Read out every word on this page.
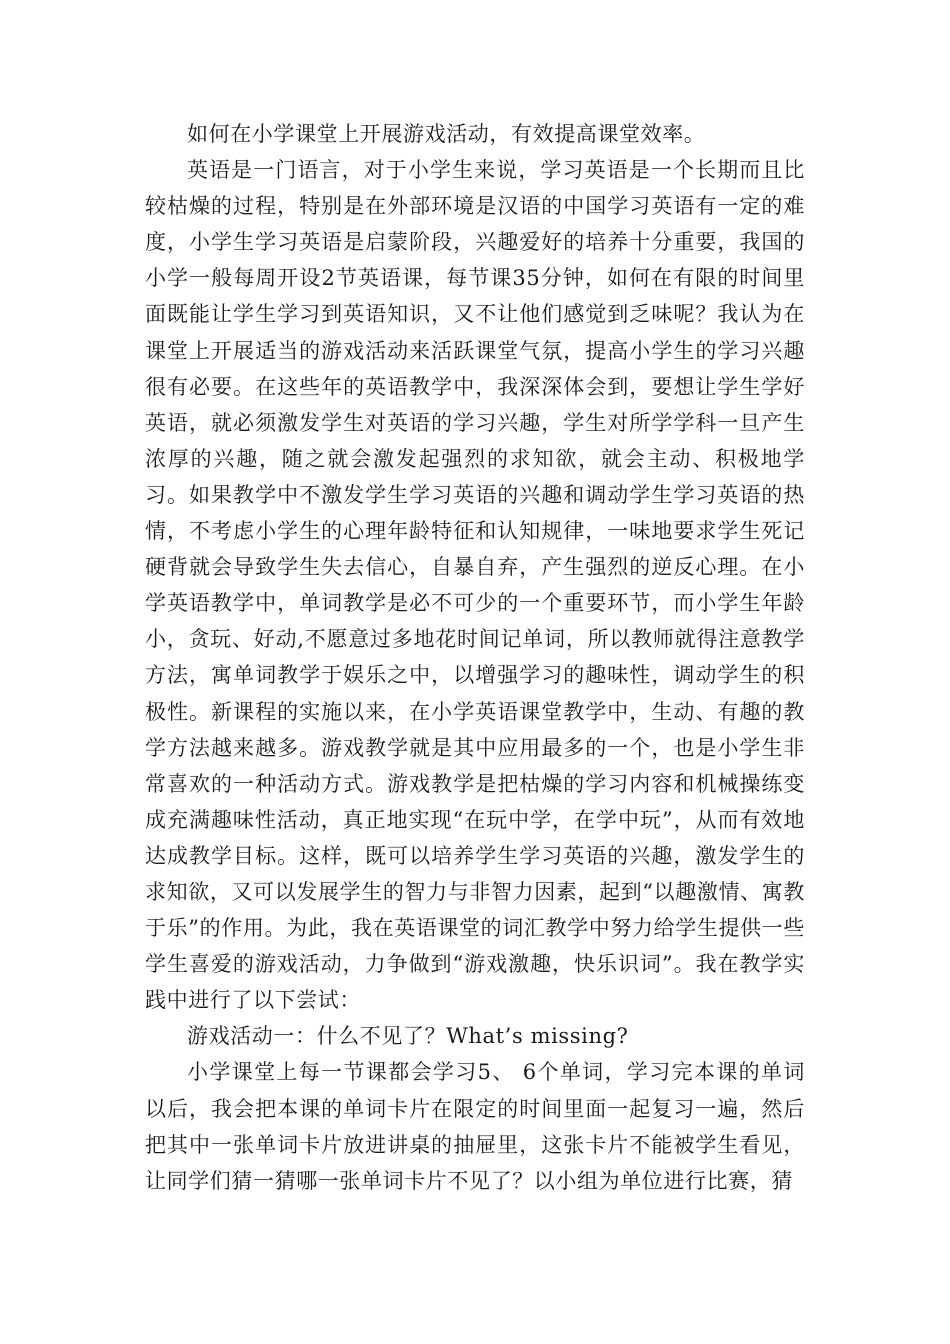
如何在小学课堂上开展游戏活动，有效提高课堂效率。

英语是一门语言，对于小学生来说，学习英语是一个长期而且比较枯燥的过程，特别是在外部环境是汉语的中国学习英语有一定的难度，小学生学习英语是启蒙阶段，兴趣爱好的培养十分重要，我国的小学一般每周开设2节英语课，每节课35分钟，如何在有限的时间里面既能让学生学习到英语知识，又不让他们感觉到乏味呢？我认为在课堂上开展适当的游戏活动来活跃课堂气氛，提高小学生的学习兴趣很有必要。在这些年的英语教学中，我深深体会到，要想让学生学好英语，就必须激发学生对英语的学习兴趣，学生对所学学科一旦产生浓厚的兴趣，随之就会激发起强烈的求知欲，就会主动、积极地学习。如果教学中不激发学生学习英语的兴趣和调动学生学习英语的热情，不考虑小学生的心理年龄特征和认知规律，一味地要求学生死记硬背就会导致学生失去信心，自暴自弃，产生强烈的逆反心理。在小学英语教学中，单词教学是必不可少的一个重要环节，而小学生年龄小，贪玩、好动,不愿意过多地花时间记单词，所以教师就得注意教学方法，寓单词教学于娱乐之中，以增强学习的趣味性，调动学生的积极性。新课程的实施以来，在小学英语课堂教学中，生动、有趣的教学方法越来越多。游戏教学就是其中应用最多的一个，也是小学生非常喜欢的一种活动方式。游戏教学是把枯燥的学习内容和机械操练变成充满趣味性活动，真正地实现“在玩中学，在学中玩”，从而有效地达成教学目标。这样，既可以培养学生学习英语的兴趣，激发学生的求知欲，又可以发展学生的智力与非智力因素，起到“以趣激情、寓教于乐”的作用。为此，我在英语课堂的词汇教学中努力给学生提供一些学生喜爱的游戏活动，力争做到“游戏激趣，快乐识词”。我在教学实践中进行了以下尝试：

游戏活动一：什么不见了？What’s missing?

小学课堂上每一节课都会学习5、 6个单词，学习完本课的单词以后，我会把本课的单词卡片在限定的时间里面一起复习一遍，然后把其中一张单词卡片放进讲桌的抽屉里，这张卡片不能被学生看见，让同学们猜一猜哪一张单词卡片不见了？以小组为单位进行比赛，猜
